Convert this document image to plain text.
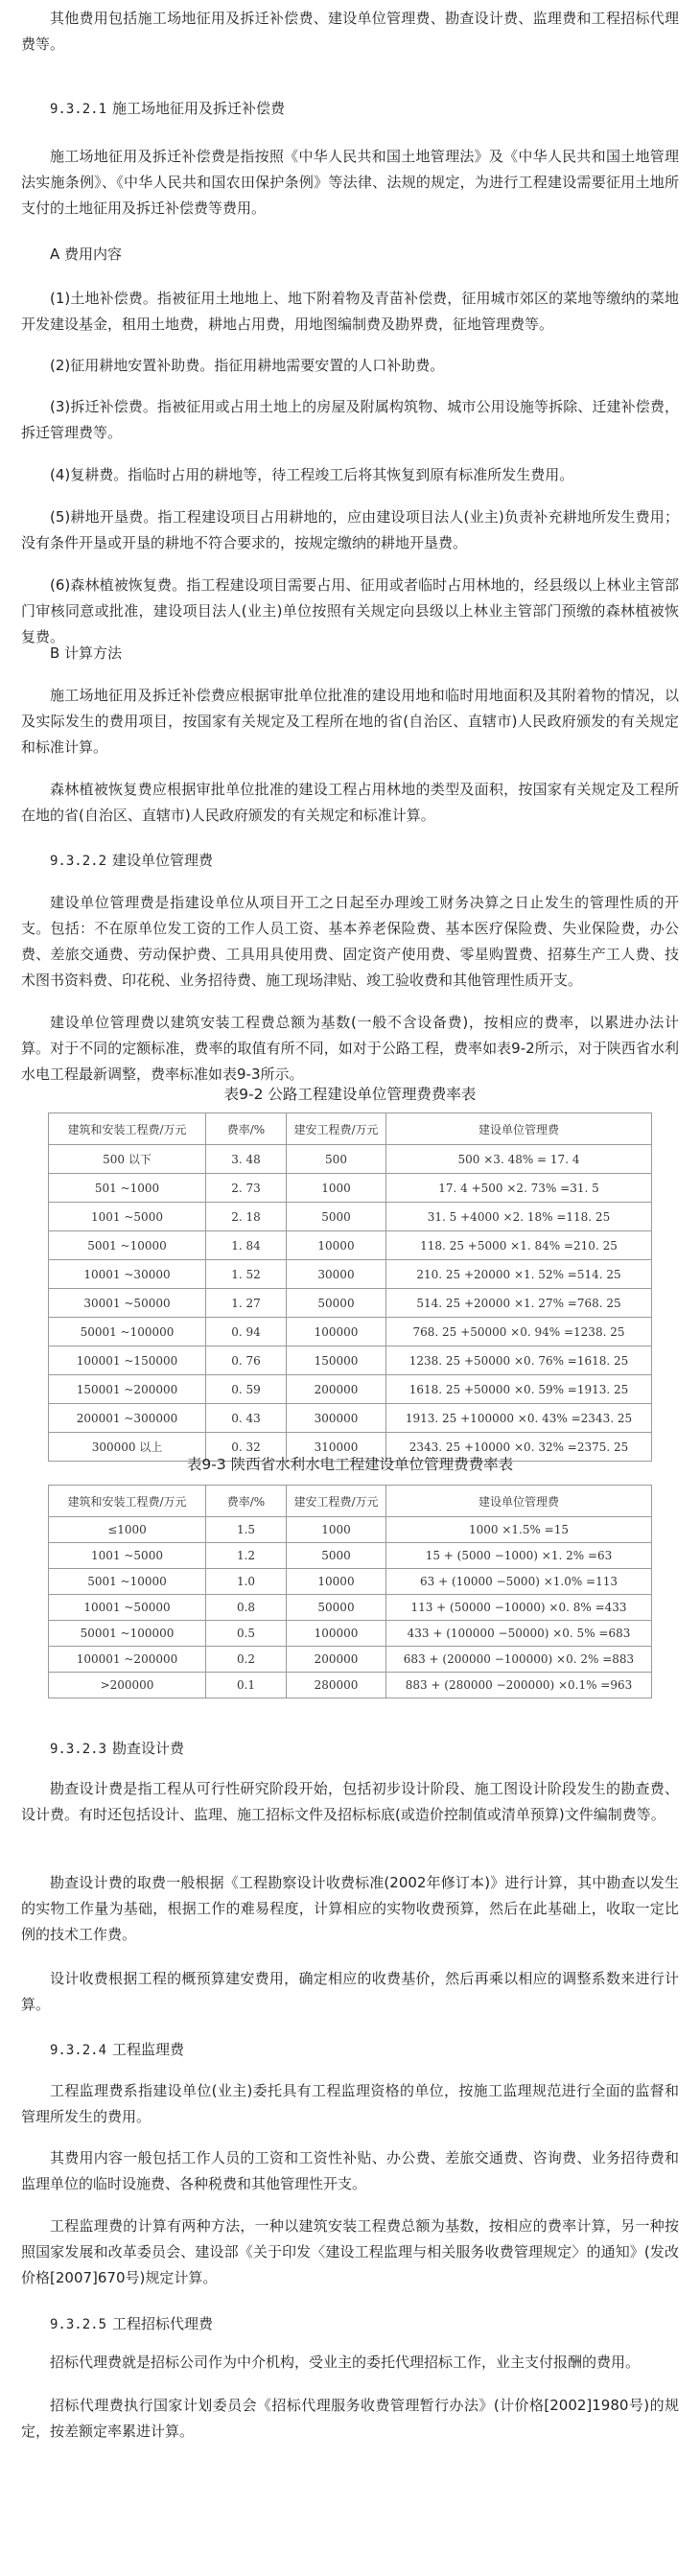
其他费用包括施工场地征用及拆迁补偿费、建设单位管理费、勘查设计费、监理费和工程招标代理费等。

9.3.2.1 施工场地征用及拆迁补偿费

施工场地征用及拆迁补偿费是指按照《中华人民共和国土地管理法》及《中华人民共和国土地管理法实施条例》、《中华人民共和国农田保护条例》等法律、法规的规定，为进行工程建设需要征用土地所支付的土地征用及拆迁补偿费等费用。

A 费用内容

(1)土地补偿费。指被征用土地地上、地下附着物及青苗补偿费，征用城市郊区的菜地等缴纳的菜地开发建设基金，租用土地费，耕地占用费，用地图编制费及勘界费，征地管理费等。

(2)征用耕地安置补助费。指征用耕地需要安置的人口补助费。

(3)拆迁补偿费。指被征用或占用土地上的房屋及附属构筑物、城市公用设施等拆除、迁建补偿费，拆迁管理费等。

(4)复耕费。指临时占用的耕地等，待工程竣工后将其恢复到原有标准所发生费用。

(5)耕地开垦费。指工程建设项目占用耕地的，应由建设项目法人(业主)负责补充耕地所发生费用；没有条件开垦或开垦的耕地不符合要求的，按规定缴纳的耕地开垦费。

(6)森林植被恢复费。指工程建设项目需要占用、征用或者临时占用林地的，经县级以上林业主管部门审核同意或批准，建设项目法人(业主)单位按照有关规定向县级以上林业主管部门预缴的森林植被恢复费。

B 计算方法

施工场地征用及拆迁补偿费应根据审批单位批准的建设用地和临时用地面积及其附着物的情况，以及实际发生的费用项目，按国家有关规定及工程所在地的省(自治区、直辖市)人民政府颁发的有关规定和标准计算。

森林植被恢复费应根据审批单位批准的建设工程占用林地的类型及面积，按国家有关规定及工程所在地的省(自治区、直辖市)人民政府颁发的有关规定和标准计算。

9.3.2.2 建设单位管理费

建设单位管理费是指建设单位从项目开工之日起至办理竣工财务决算之日止发生的管理性质的开支。包括：不在原单位发工资的工作人员工资、基本养老保险费、基本医疗保险费、失业保险费，办公费、差旅交通费、劳动保护费、工具用具使用费、固定资产使用费、零星购置费、招募生产工人费、技术图书资料费、印花税、业务招待费、施工现场津贴、竣工验收费和其他管理性质开支。

建设单位管理费以建筑安装工程费总额为基数(一般不含设备费)，按相应的费率，以累进办法计算。对于不同的定额标准，费率的取值有所不同，如对于公路工程，费率如表9-2所示，对于陕西省水利水电工程最新调整，费率标准如表9-3所示。

表9-2 公路工程建设单位管理费费率表
建筑和安装工程费/万元	费率/%	建安工程费/万元	建设单位管理费
500 以下	3. 48	500	500 ×3. 48% = 17. 4
501 ~1000	2. 73	1000	17. 4 +500 ×2. 73% =31. 5
1001 ~5000	2. 18	5000	31. 5 +4000 ×2. 18% =118. 25
5001 ~10000	1. 84	10000	118. 25 +5000 ×1. 84% =210. 25
10001 ~30000	1. 52	30000	210. 25 +20000 ×1. 52% =514. 25
30001 ~50000	1. 27	50000	514. 25 +20000 ×1. 27% =768. 25
50001 ~100000	0. 94	100000	768. 25 +50000 ×0. 94% =1238. 25
100001 ~150000	0. 76	150000	1238. 25 +50000 ×0. 76% =1618. 25
150001 ~200000	0. 59	200000	1618. 25 +50000 ×0. 59% =1913. 25
200001 ~300000	0. 43	300000	1913. 25 +100000 ×0. 43% =2343. 25
300000 以上	0. 32	310000	2343. 25 +10000 ×0. 32% =2375. 25
表9-3 陕西省水利水电工程建设单位管理费费率表
建筑和安装工程费/万元	费率/%	建安工程费/万元	建设单位管理费
≤1000	1.5	1000	1000 ×1.5% =15
1001 ~5000	1.2	5000	15 + (5000 −1000) ×1. 2% =63
5001 ~10000	1.0	10000	63 + (10000 −5000) ×1.0% =113
10001 ~50000	0.8	50000	113 + (50000 −10000) ×0. 8% =433
50001 ~100000	0.5	100000	433 + (100000 −50000) ×0. 5% =683
100001 ~200000	0.2	200000	683 + (200000 −100000) ×0. 2% =883
>200000	0.1	280000	883 + (280000 −200000) ×0.1% =963
9.3.2.3 勘查设计费

勘查设计费是指工程从可行性研究阶段开始，包括初步设计阶段、施工图设计阶段发生的勘查费、设计费。有时还包括设计、监理、施工招标文件及招标标底(或造价控制值或清单预算)文件编制费等。

勘查设计费的取费一般根据《工程勘察设计收费标准(2002年修订本)》进行计算，其中勘查以发生的实物工作量为基础，根据工作的难易程度，计算相应的实物收费预算，然后在此基础上，收取一定比例的技术工作费。

设计收费根据工程的概预算建安费用，确定相应的收费基价，然后再乘以相应的调整系数来进行计算。

9.3.2.4 工程监理费

工程监理费系指建设单位(业主)委托具有工程监理资格的单位，按施工监理规范进行全面的监督和管理所发生的费用。

其费用内容一般包括工作人员的工资和工资性补贴、办公费、差旅交通费、咨询费、业务招待费和监理单位的临时设施费、各种税费和其他管理性开支。

工程监理费的计算有两种方法，一种以建筑安装工程费总额为基数，按相应的费率计算，另一种按照国家发展和改革委员会、建设部《关于印发〈建设工程监理与相关服务收费管理规定〉的通知》(发改价格[2007]670号)规定计算。

9.3.2.5 工程招标代理费

招标代理费就是招标公司作为中介机构，受业主的委托代理招标工作，业主支付报酬的费用。

招标代理费执行国家计划委员会《招标代理服务收费管理暂行办法》(计价格[2002]1980号)的规定，按差额定率累进计算。
